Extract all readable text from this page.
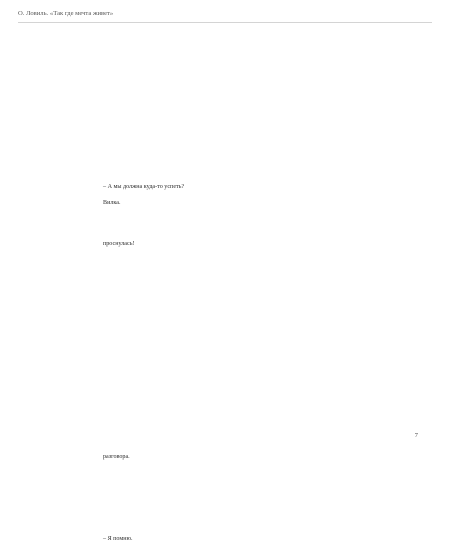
О. Ловиль. «Так где мечта живет»

– А мы должна куда-то успеть?

Вилка.

проснулась!

разговора.

– Я помню.

7
